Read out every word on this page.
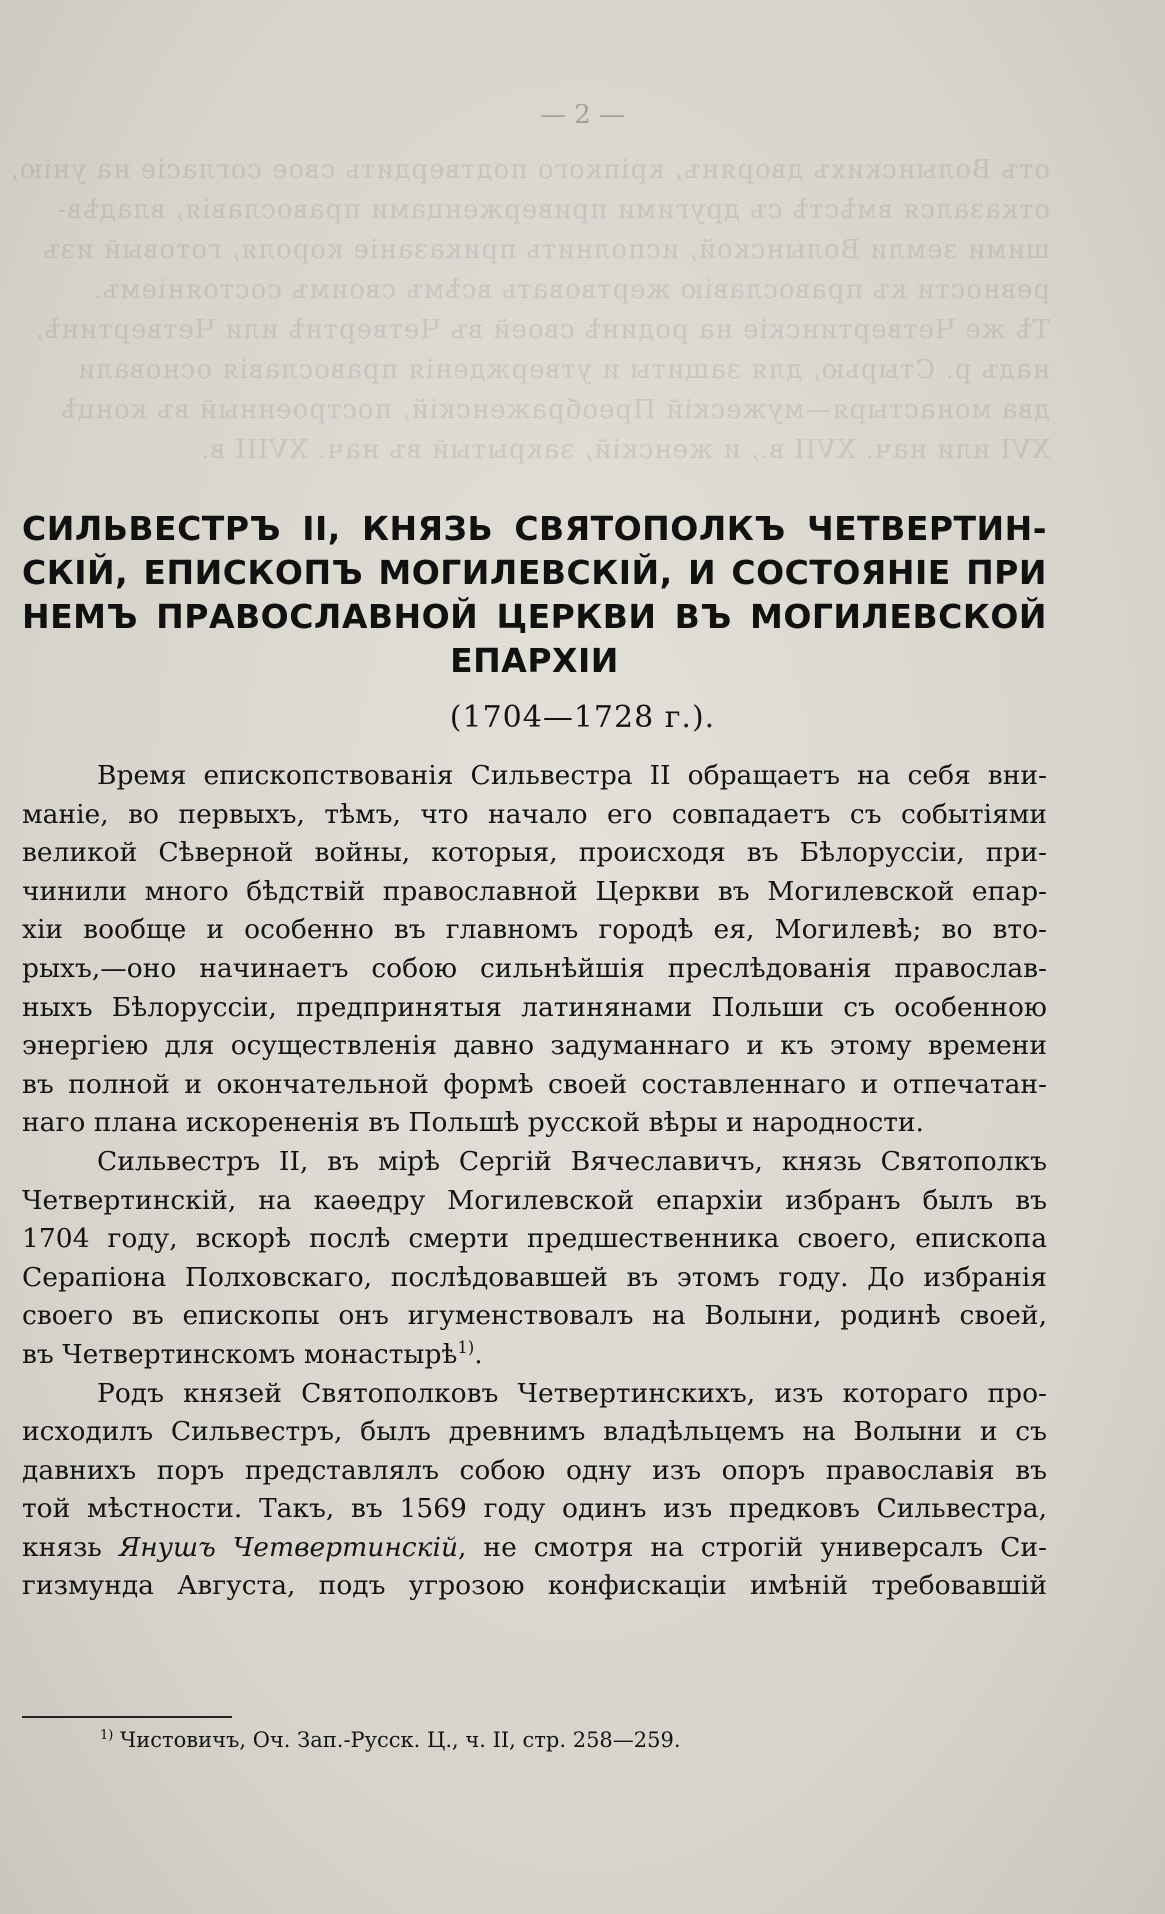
отъ Волынскихъ дворянъ, кріпкого подтвердить свое согласіе на унію,
отказался вмѣстѣ съ другими приверженцами православія, владѣв-
шими земли Волынской, исполнить приказаніе короля, готовый изъ
ревности къ православію жертвовать всѣмъ своимъ состояніемъ.
Тѣ же Четвертинскіе на родинѣ своей въ Четвертнѣ или Четвертинѣ,
надъ р. Стырью, для защиты и утвержденія православія основали
два монастыря—мужескій Преображенскій, построенный въ концѣ
XVI или нач. XVII в., и женскій, закрытый въ нач. XVIII в.
— 2 —
СИЛЬВЕСТРЪ II, КНЯЗЬ СВЯТОПОЛКЪ ЧЕТВЕРТИН-
СКІЙ, ЕПИСКОПЪ МОГИЛЕВСКІЙ, И СОСТОЯНІЕ ПРИ
НЕМЪ ПРАВОСЛАВНОЙ ЦЕРКВИ ВЪ МОГИЛЕВСКОЙ
ЕПАРХІИ
(1704—1728 г.).
Время епископствованія Сильвестра II обращаетъ на себя вни-
маніе, во первыхъ, тѣмъ, что начало его совпадаетъ съ событіями
великой Сѣверной войны, которыя, происходя въ Бѣлоруссіи, при-
чинили много бѣдствій православной Церкви въ Могилевской епар-
хіи вообще и особенно въ главномъ городѣ ея, Могилевѣ; во вто-
рыхъ,—оно начинаетъ собою сильнѣйшія преслѣдованія православ-
ныхъ Бѣлоруссіи, предпринятыя латинянами Польши съ особенною
энергіею для осуществленія давно задуманнаго и къ этому времени
въ полной и окончательной формѣ своей составленнаго и отпечатан-
наго плана искорененія въ Польшѣ русской вѣры и народности.
Сильвестръ II, въ мірѣ Сергій Вячеславичъ, князь Святополкъ
Четвертинскій, на каѳедру Могилевской епархіи избранъ былъ въ
1704 году, вскорѣ послѣ смерти предшественника своего, епископа
Серапіона Полховскаго, послѣдовавшей въ этомъ году. До избранія
своего въ епископы онъ игуменствовалъ на Волыни, родинѣ своей,
въ Четвертинскомъ монастырѣ$^{1)}$.
Родъ князей Святополковъ Четвертинскихъ, изъ котораго про-
исходилъ Сильвестръ, былъ древнимъ владѣльцемъ на Волыни и съ
давнихъ поръ представлялъ собою одну изъ опоръ православія въ
той мѣстности. Такъ, въ 1569 году одинъ изъ предковъ Сильвестра,
князь Янушъ Четвертинскій, не смотря на строгій универсалъ Си-
гизмунда Августа, подъ угрозою конфискаціи имѣній требовавшій
$^{1)}$ Чистовичъ, Оч. Зап.-Русск. Ц., ч. II, стр. 258—259.
